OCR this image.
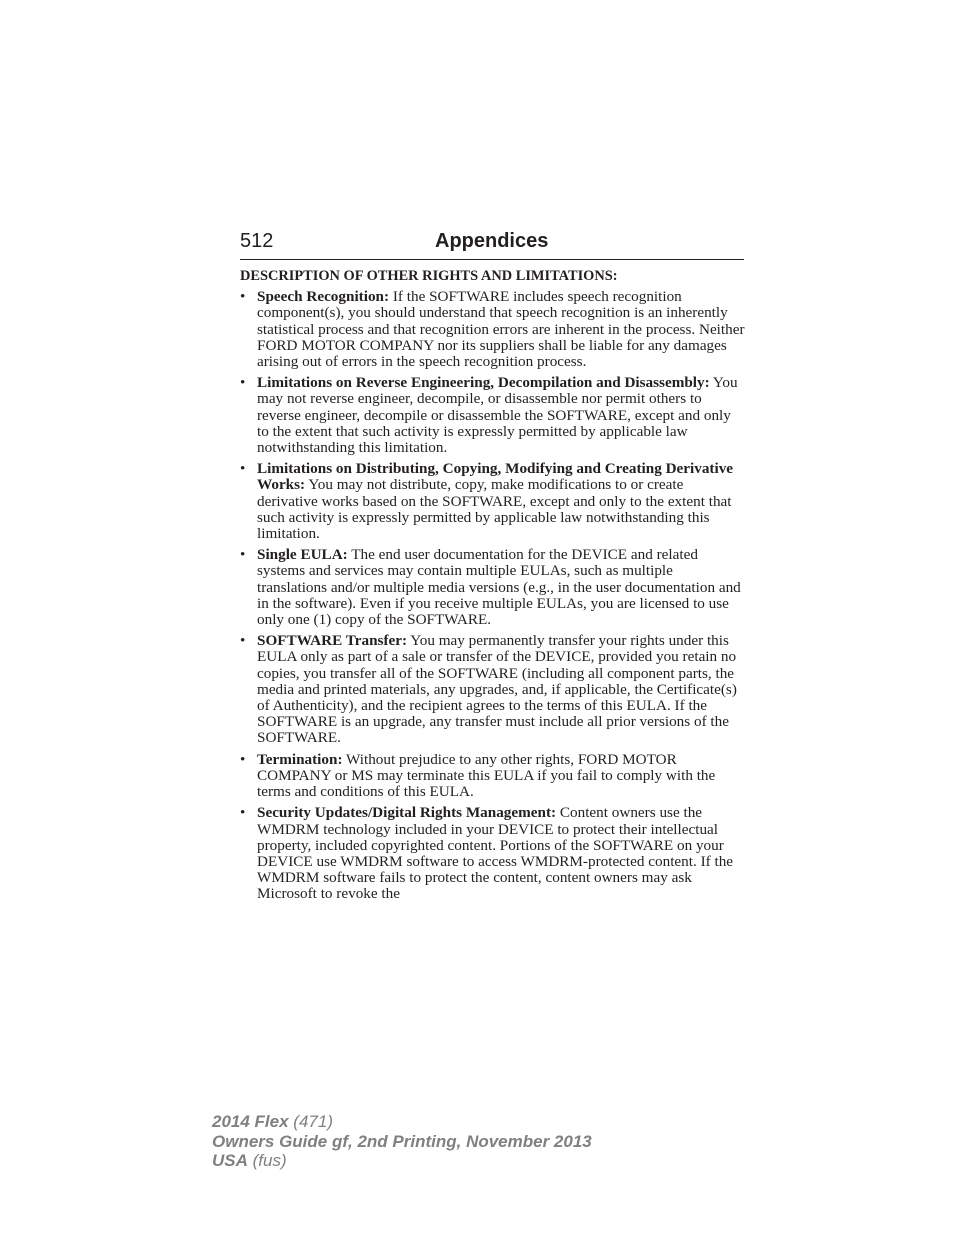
512	Appendices
DESCRIPTION OF OTHER RIGHTS AND LIMITATIONS:
• Speech Recognition: If the SOFTWARE includes speech recognition component(s), you should understand that speech recognition is an inherently statistical process and that recognition errors are inherent in the process. Neither FORD MOTOR COMPANY nor its suppliers shall be liable for any damages arising out of errors in the speech recognition process.
• Limitations on Reverse Engineering, Decompilation and Disassembly: You may not reverse engineer, decompile, or disassemble nor permit others to reverse engineer, decompile or disassemble the SOFTWARE, except and only to the extent that such activity is expressly permitted by applicable law notwithstanding this limitation.
• Limitations on Distributing, Copying, Modifying and Creating Derivative Works: You may not distribute, copy, make modifications to or create derivative works based on the SOFTWARE, except and only to the extent that such activity is expressly permitted by applicable law notwithstanding this limitation.
• Single EULA: The end user documentation for the DEVICE and related systems and services may contain multiple EULAs, such as multiple translations and/or multiple media versions (e.g., in the user documentation and in the software). Even if you receive multiple EULAs, you are licensed to use only one (1) copy of the SOFTWARE.
• SOFTWARE Transfer: You may permanently transfer your rights under this EULA only as part of a sale or transfer of the DEVICE, provided you retain no copies, you transfer all of the SOFTWARE (including all component parts, the media and printed materials, any upgrades, and, if applicable, the Certificate(s) of Authenticity), and the recipient agrees to the terms of this EULA. If the SOFTWARE is an upgrade, any transfer must include all prior versions of the SOFTWARE.
• Termination: Without prejudice to any other rights, FORD MOTOR COMPANY or MS may terminate this EULA if you fail to comply with the terms and conditions of this EULA.
• Security Updates/Digital Rights Management: Content owners use the WMDRM technology included in your DEVICE to protect their intellectual property, included copyrighted content. Portions of the SOFTWARE on your DEVICE use WMDRM software to access WMDRM-protected content. If the WMDRM software fails to protect the content, content owners may ask Microsoft to revoke the
2014 Flex (471)
Owners Guide gf, 2nd Printing, November 2013
USA (fus)
